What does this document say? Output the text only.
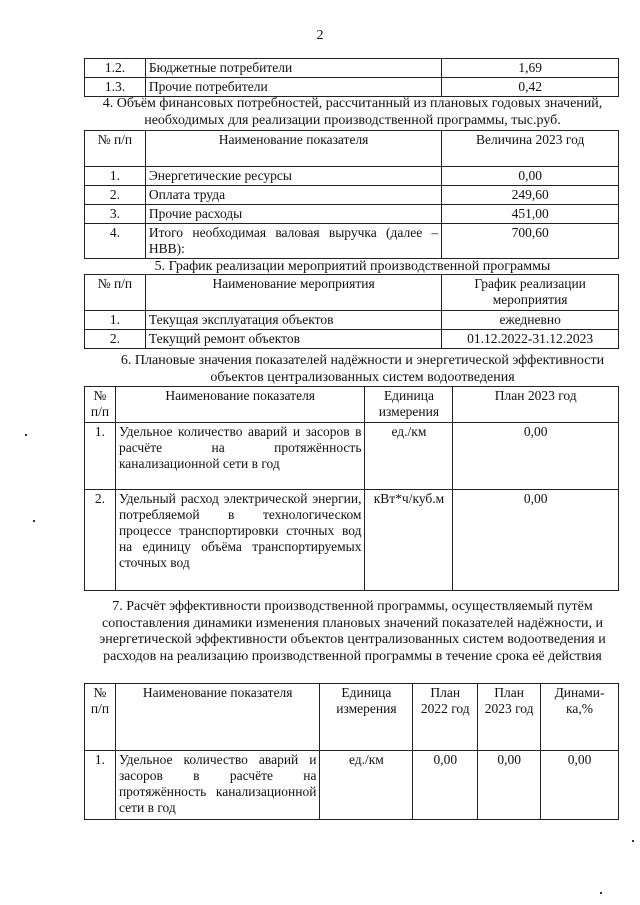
2
1.2.	Бюджетные потребители	1,69
1.3.	Прочие потребители	0,42
4. Объём финансовых потребностей, рассчитанный из плановых годовых значений, необходимых для реализации производственной программы, тыс.руб.
№ п/п	Наименование показателя	Величина 2023 год
1.	Энергетические ресурсы	0,00
2.	Оплата труда	249,60
3.	Прочие расходы	451,00
4.	Итого необходимая валовая выручка (далее – НВВ):	700,60
5. График реализации мероприятий производственной программы
№ п/п	Наименование мероприятия	График реализации мероприятия
1.	Текущая эксплуатация объектов	ежедневно
2.	Текущий ремонт объектов	01.12.2022-31.12.2023
6. Плановые значения показателей надёжности и энергетической эффективности объектов централизованных систем водоотведения
№ п/п	Наименование показателя	Единица измерения	План 2023 год
1.	Удельное количество аварий и засоров в расчёте на протяжённость канализационной сети в год	ед./км	0,00
2.	Удельный расход электрической энергии, потребляемой в технологическом процессе транспортировки сточных вод на единицу объёма транспортируемых сточных вод	кВт*ч/куб.м	0,00
7. Расчёт эффективности производственной программы, осуществляемый путём сопоставления динамики изменения плановых значений показателей надёжности, и энергетической эффективности объектов централизованных систем водоотведения и расходов на реализацию производственной программы в течение срока её действия
№ п/п	Наименование показателя	Единица измерения	План 2022 год	План 2023 год	Динами-ка,%
1.	Удельное количество аварий и засоров в расчёте на протяжённость канализационной сети в год	ед./км	0,00	0,00	0,00
